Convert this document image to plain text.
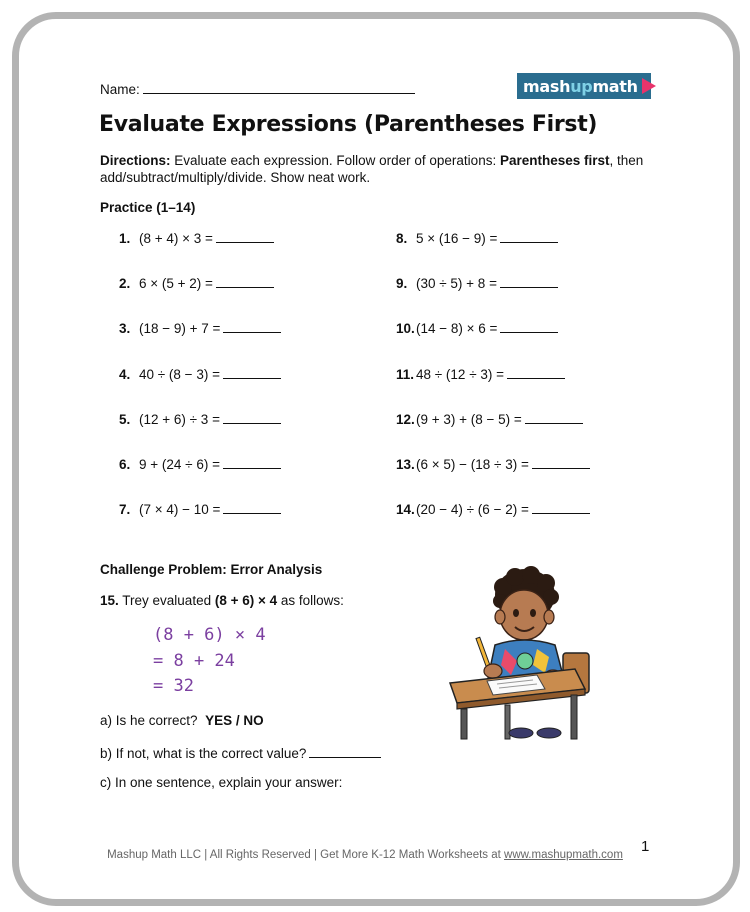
Name:	mashupmath
Evaluate Expressions (Parentheses First)
Directions: Evaluate each expression. Follow order of operations: Parentheses first, then add/subtract/multiply/divide. Show neat work.
Practice (1–14)
1. (8 + 4) × 3 =
2. 6 × (5 + 2) =
3. (18 − 9) + 7 =
4. 40 ÷ (8 − 3) =
5. (12 + 6) ÷ 3 =
6. 9 + (24 ÷ 6) =
7. (7 × 4) − 10 =
8. 5 × (16 − 9) =
9. (30 ÷ 5) + 8 =
10.(14 − 8) × 6 =
11. 48 ÷ (12 ÷ 3) =
12.(9 + 3) + (8 − 5) =
13.(6 × 5) − (18 ÷ 3) =
14.(20 − 4) ÷ (6 − 2) =
Challenge Problem: Error Analysis
15. Trey evaluated (8 + 6) × 4 as follows:
(8 + 6) × 4
= 8 + 24
= 32
a) Is he correct? YES / NO
b) If not, what is the correct value?
c) In one sentence, explain your answer:
1
Mashup Math LLC | All Rights Reserved | Get More K-12 Math Worksheets at www.mashupmath.com
